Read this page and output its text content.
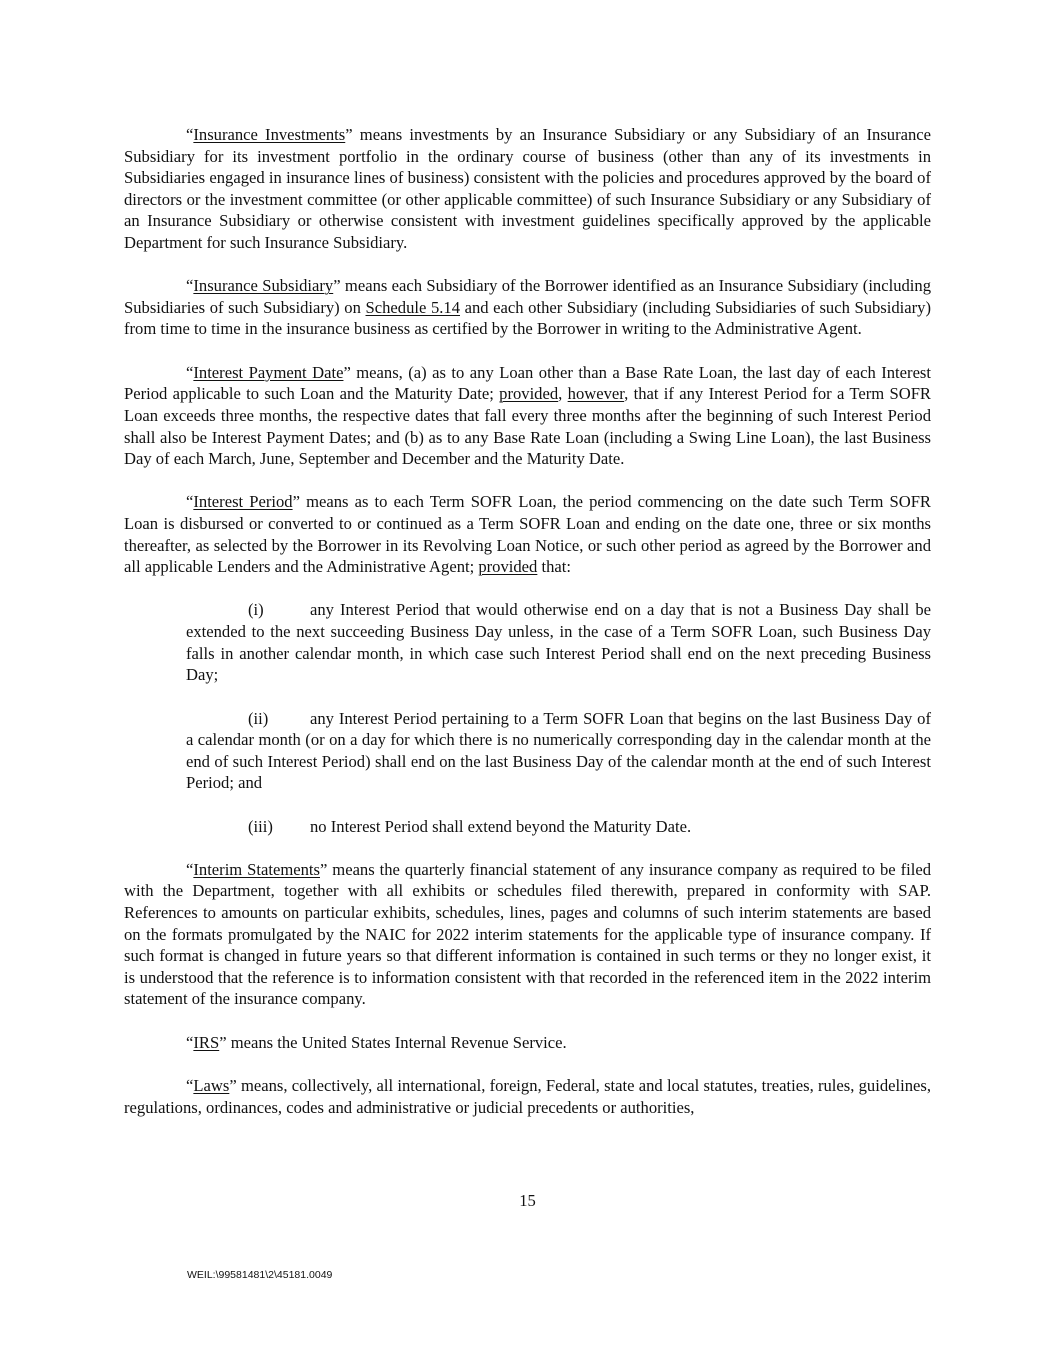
“Insurance Investments” means investments by an Insurance Subsidiary or any Subsidiary of an Insurance Subsidiary for its investment portfolio in the ordinary course of business (other than any of its investments in Subsidiaries engaged in insurance lines of business) consistent with the policies and procedures approved by the board of directors or the investment committee (or other applicable committee) of such Insurance Subsidiary or any Subsidiary of an Insurance Subsidiary or otherwise consistent with investment guidelines specifically approved by the applicable Department for such Insurance Subsidiary.

“Insurance Subsidiary” means each Subsidiary of the Borrower identified as an Insurance Subsidiary (including Subsidiaries of such Subsidiary) on Schedule 5.14 and each other Subsidiary (including Subsidiaries of such Subsidiary) from time to time in the insurance business as certified by the Borrower in writing to the Administrative Agent.

“Interest Payment Date” means, (a) as to any Loan other than a Base Rate Loan, the last day of each Interest Period applicable to such Loan and the Maturity Date; provided, however, that if any Interest Period for a Term SOFR Loan exceeds three months, the respective dates that fall every three months after the beginning of such Interest Period shall also be Interest Payment Dates; and (b) as to any Base Rate Loan (including a Swing Line Loan), the last Business Day of each March, June, September and December and the Maturity Date.

“Interest Period” means as to each Term SOFR Loan, the period commencing on the date such Term SOFR Loan is disbursed or converted to or continued as a Term SOFR Loan and ending on the date one, three or six months thereafter, as selected by the Borrower in its Revolving Loan Notice, or such other period as agreed by the Borrower and all applicable Lenders and the Administrative Agent; provided that:

(i)	any Interest Period that would otherwise end on a day that is not a Business Day shall be extended to the next succeeding Business Day unless, in the case of a Term SOFR Loan, such Business Day falls in another calendar month, in which case such Interest Period shall end on the next preceding Business Day;

(ii)	any Interest Period pertaining to a Term SOFR Loan that begins on the last Business Day of a calendar month (or on a day for which there is no numerically corresponding day in the calendar month at the end of such Interest Period) shall end on the last Business Day of the calendar month at the end of such Interest Period; and

(iii) no Interest Period shall extend beyond the Maturity Date.

“Interim Statements” means the quarterly financial statement of any insurance company as required to be filed with the Department, together with all exhibits or schedules filed therewith, prepared in conformity with SAP. References to amounts on particular exhibits, schedules, lines, pages and columns of such interim statements are based on the formats promulgated by the NAIC for 2022 interim statements for the applicable type of insurance company. If such format is changed in future years so that different information is contained in such terms or they no longer exist, it is understood that the reference is to information consistent with that recorded in the referenced item in the 2022 interim statement of the insurance company.

“IRS” means the United States Internal Revenue Service.

“Laws” means, collectively, all international, foreign, Federal, state and local statutes, treaties, rules, guidelines, regulations, ordinances, codes and administrative or judicial precedents or authorities,

15
WEIL:\99581481\2\45181.0049
